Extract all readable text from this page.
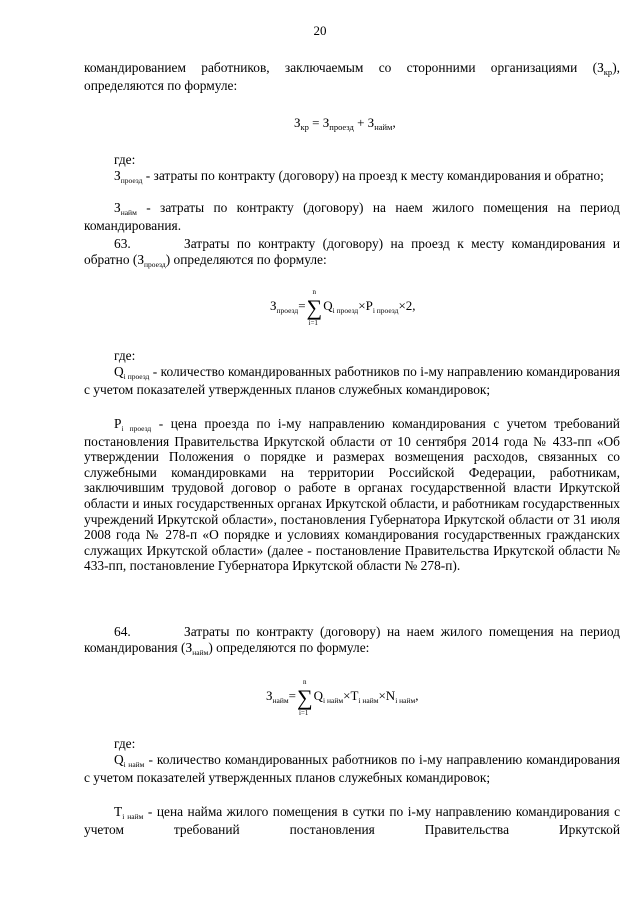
20

командированием работников, заключаемым со сторонними организациями $(З_{кр})$, определяются по формуле:

$З_{кр} = З_{проезд} + З_{найм}$,

где:

$З_{проезд}$ - затраты по контракту (договору) на проезд к месту командирования и обратно;

$З_{найм}$ - затраты по контракту (договору) на наем жилого помещения на период командирования.

63.	Затраты по контракту (договору) на проезд к месту командирования и обратно $(З_{проезд})$ определяются по формуле:

$З_{проезд}=\sum$
n
i=1
$Q_{i проезд}\times P_{i проезд}\times 2$,

где:

$Q_{i проезд}$ - количество командированных работников по i-му направлению командирования с учетом показателей утвержденных планов служебных командировок;

$P_{i проезд}$ - цена проезда по i-му направлению командирования с учетом требований постановления Правительства Иркутской области от 10 сентября 2014 года № 433-пп «Об утверждении Положения о порядке и размерах возмещения расходов, связанных со служебными командировками на территории Российской Федерации, работникам, заключившим трудовой договор о работе в органах государственной власти Иркутской области и иных государственных органах Иркутской области, и работникам государственных учреждений Иркутской области», постановления Губернатора Иркутской области от 31 июля 2008 года № 278-п «О порядке и условиях командирования государственных гражданских служащих Иркутской области» (далее - постановление Правительства Иркутской области № 433-пп, постановление Губернатора Иркутской области № 278-п).

64.	Затраты по контракту (договору) на наем жилого помещения на период командирования $(З_{найм})$ определяются по формуле:

$З_{найм}=\sum$
n
i=1
$Q_{i найм}\times T_{i найм}\times N_{i найм}$,

где:

$Q_{i найм}$ - количество командированных работников по i-му направлению командирования с учетом показателей утвержденных планов служебных командировок;

$T_{i найм}$ - цена найма жилого помещения в сутки по i-му направлению командирования с учетом требований постановления Правительства Иркутской
